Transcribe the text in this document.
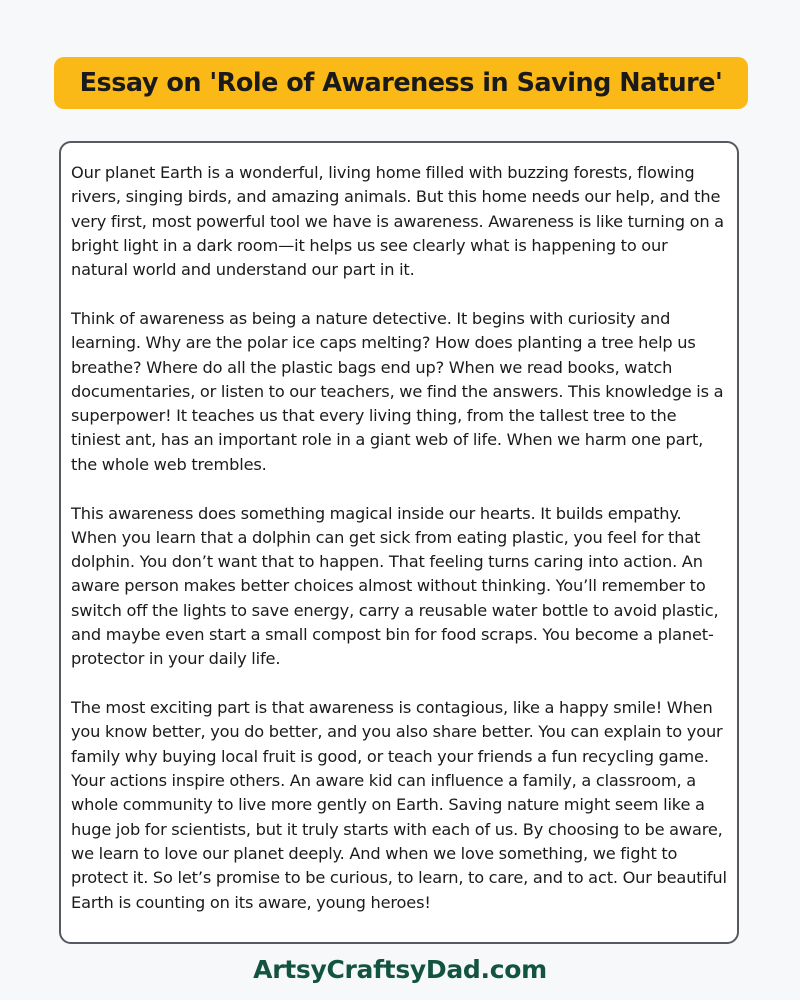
Essay on 'Role of Awareness in Saving Nature'

Our planet Earth is a wonderful, living home filled with buzzing forests, flowing rivers, singing birds, and amazing animals. But this home needs our help, and the very first, most powerful tool we have is awareness. Awareness is like turning on a bright light in a dark room—it helps us see clearly what is happening to our natural world and understand our part in it.

Think of awareness as being a nature detective. It begins with curiosity and learning. Why are the polar ice caps melting? How does planting a tree help us breathe? Where do all the plastic bags end up? When we read books, watch documentaries, or listen to our teachers, we find the answers. This knowledge is a superpower! It teaches us that every living thing, from the tallest tree to the tiniest ant, has an important role in a giant web of life. When we harm one part, the whole web trembles.

This awareness does something magical inside our hearts. It builds empathy. When you learn that a dolphin can get sick from eating plastic, you feel for that dolphin. You don’t want that to happen. That feeling turns caring into action. An aware person makes better choices almost without thinking. You’ll remember to switch off the lights to save energy, carry a reusable water bottle to avoid plastic, and maybe even start a small compost bin for food scraps. You become a planet-protector in your daily life.

The most exciting part is that awareness is contagious, like a happy smile! When you know better, you do better, and you also share better. You can explain to your family why buying local fruit is good, or teach your friends a fun recycling game. Your actions inspire others. An aware kid can influence a family, a classroom, a whole community to live more gently on Earth. Saving nature might seem like a huge job for scientists, but it truly starts with each of us. By choosing to be aware, we learn to love our planet deeply. And when we love something, we fight to protect it. So let’s promise to be curious, to learn, to care, and to act. Our beautiful Earth is counting on its aware, young heroes!

ArtsyCraftsyDad.com
